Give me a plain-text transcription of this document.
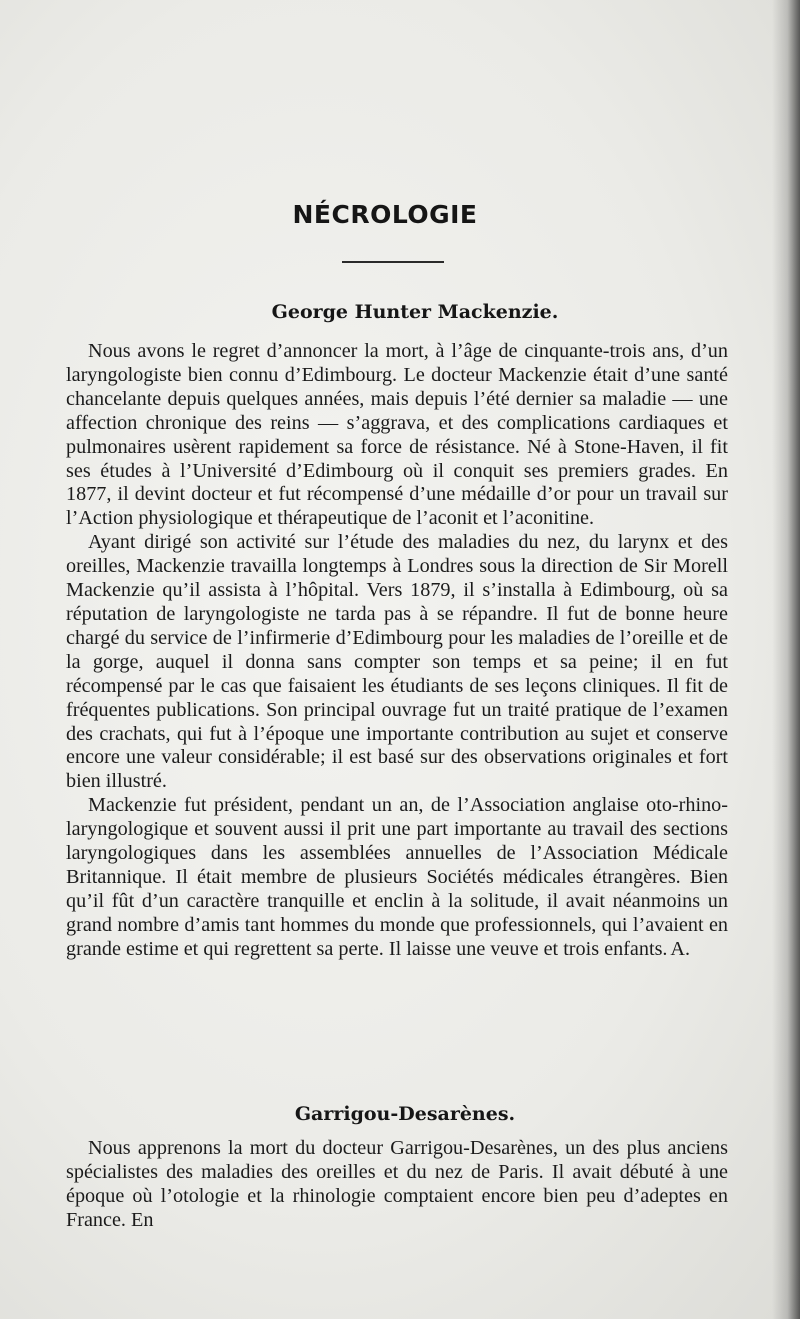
NÉCROLOGIE
George Hunter Mackenzie.

Nous avons le regret d’annoncer la mort, à l’âge de cinquante-trois ans, d’un laryngologiste bien connu d’Edimbourg. Le docteur Mackenzie était d’une santé chancelante depuis quelques années, mais depuis l’été dernier sa maladie — une affection chronique des reins — s’aggrava, et des complications cardiaques et pulmonaires usèrent rapidement sa force de résistance. Né à Stone-Haven, il fit ses études à l’Université d’Edimbourg où il conquit ses premiers grades. En 1877, il devint docteur et fut récompensé d’une médaille d’or pour un travail sur l’Action physiologique et thérapeutique de l’aconit et l’aconitine.

Ayant dirigé son activité sur l’étude des maladies du nez, du larynx et des oreilles, Mackenzie travailla longtemps à Londres sous la direction de Sir Morell Mackenzie qu’il assista à l’hôpital. Vers 1879, il s’installa à Edimbourg, où sa réputation de laryngologiste ne tarda pas à se répandre. Il fut de bonne heure chargé du service de l’infirmerie d’Edimbourg pour les maladies de l’oreille et de la gorge, auquel il donna sans compter son temps et sa peine; il en fut récompensé par le cas que faisaient les étudiants de ses leçons cliniques. Il fit de fréquentes publications. Son principal ouvrage fut un traité pratique de l’examen des crachats, qui fut à l’époque une importante contribution au sujet et conserve encore une valeur considérable; il est basé sur des observations originales et fort bien illustré.

Mackenzie fut président, pendant un an, de l’Association anglaise oto-rhino-laryngologique et souvent aussi il prit une part importante au travail des sections laryngologiques dans les assemblées annuelles de l’Association Médicale Britannique. Il était membre de plusieurs Sociétés médicales étrangères. Bien qu’il fût d’un caractère tranquille et enclin à la solitude, il avait néanmoins un grand nombre d’amis tant hommes du monde que professionnels, qui l’avaient en grande estime et qui regrettent sa perte. Il laisse une veuve et trois enfants. A.
Garrigou-Desarènes.

Nous apprenons la mort du docteur Garrigou-Desarènes, un des plus anciens spécialistes des maladies des oreilles et du nez de Paris. Il avait débuté à une époque où l’otologie et la rhinologie comptaient encore bien peu d’adeptes en France. En
